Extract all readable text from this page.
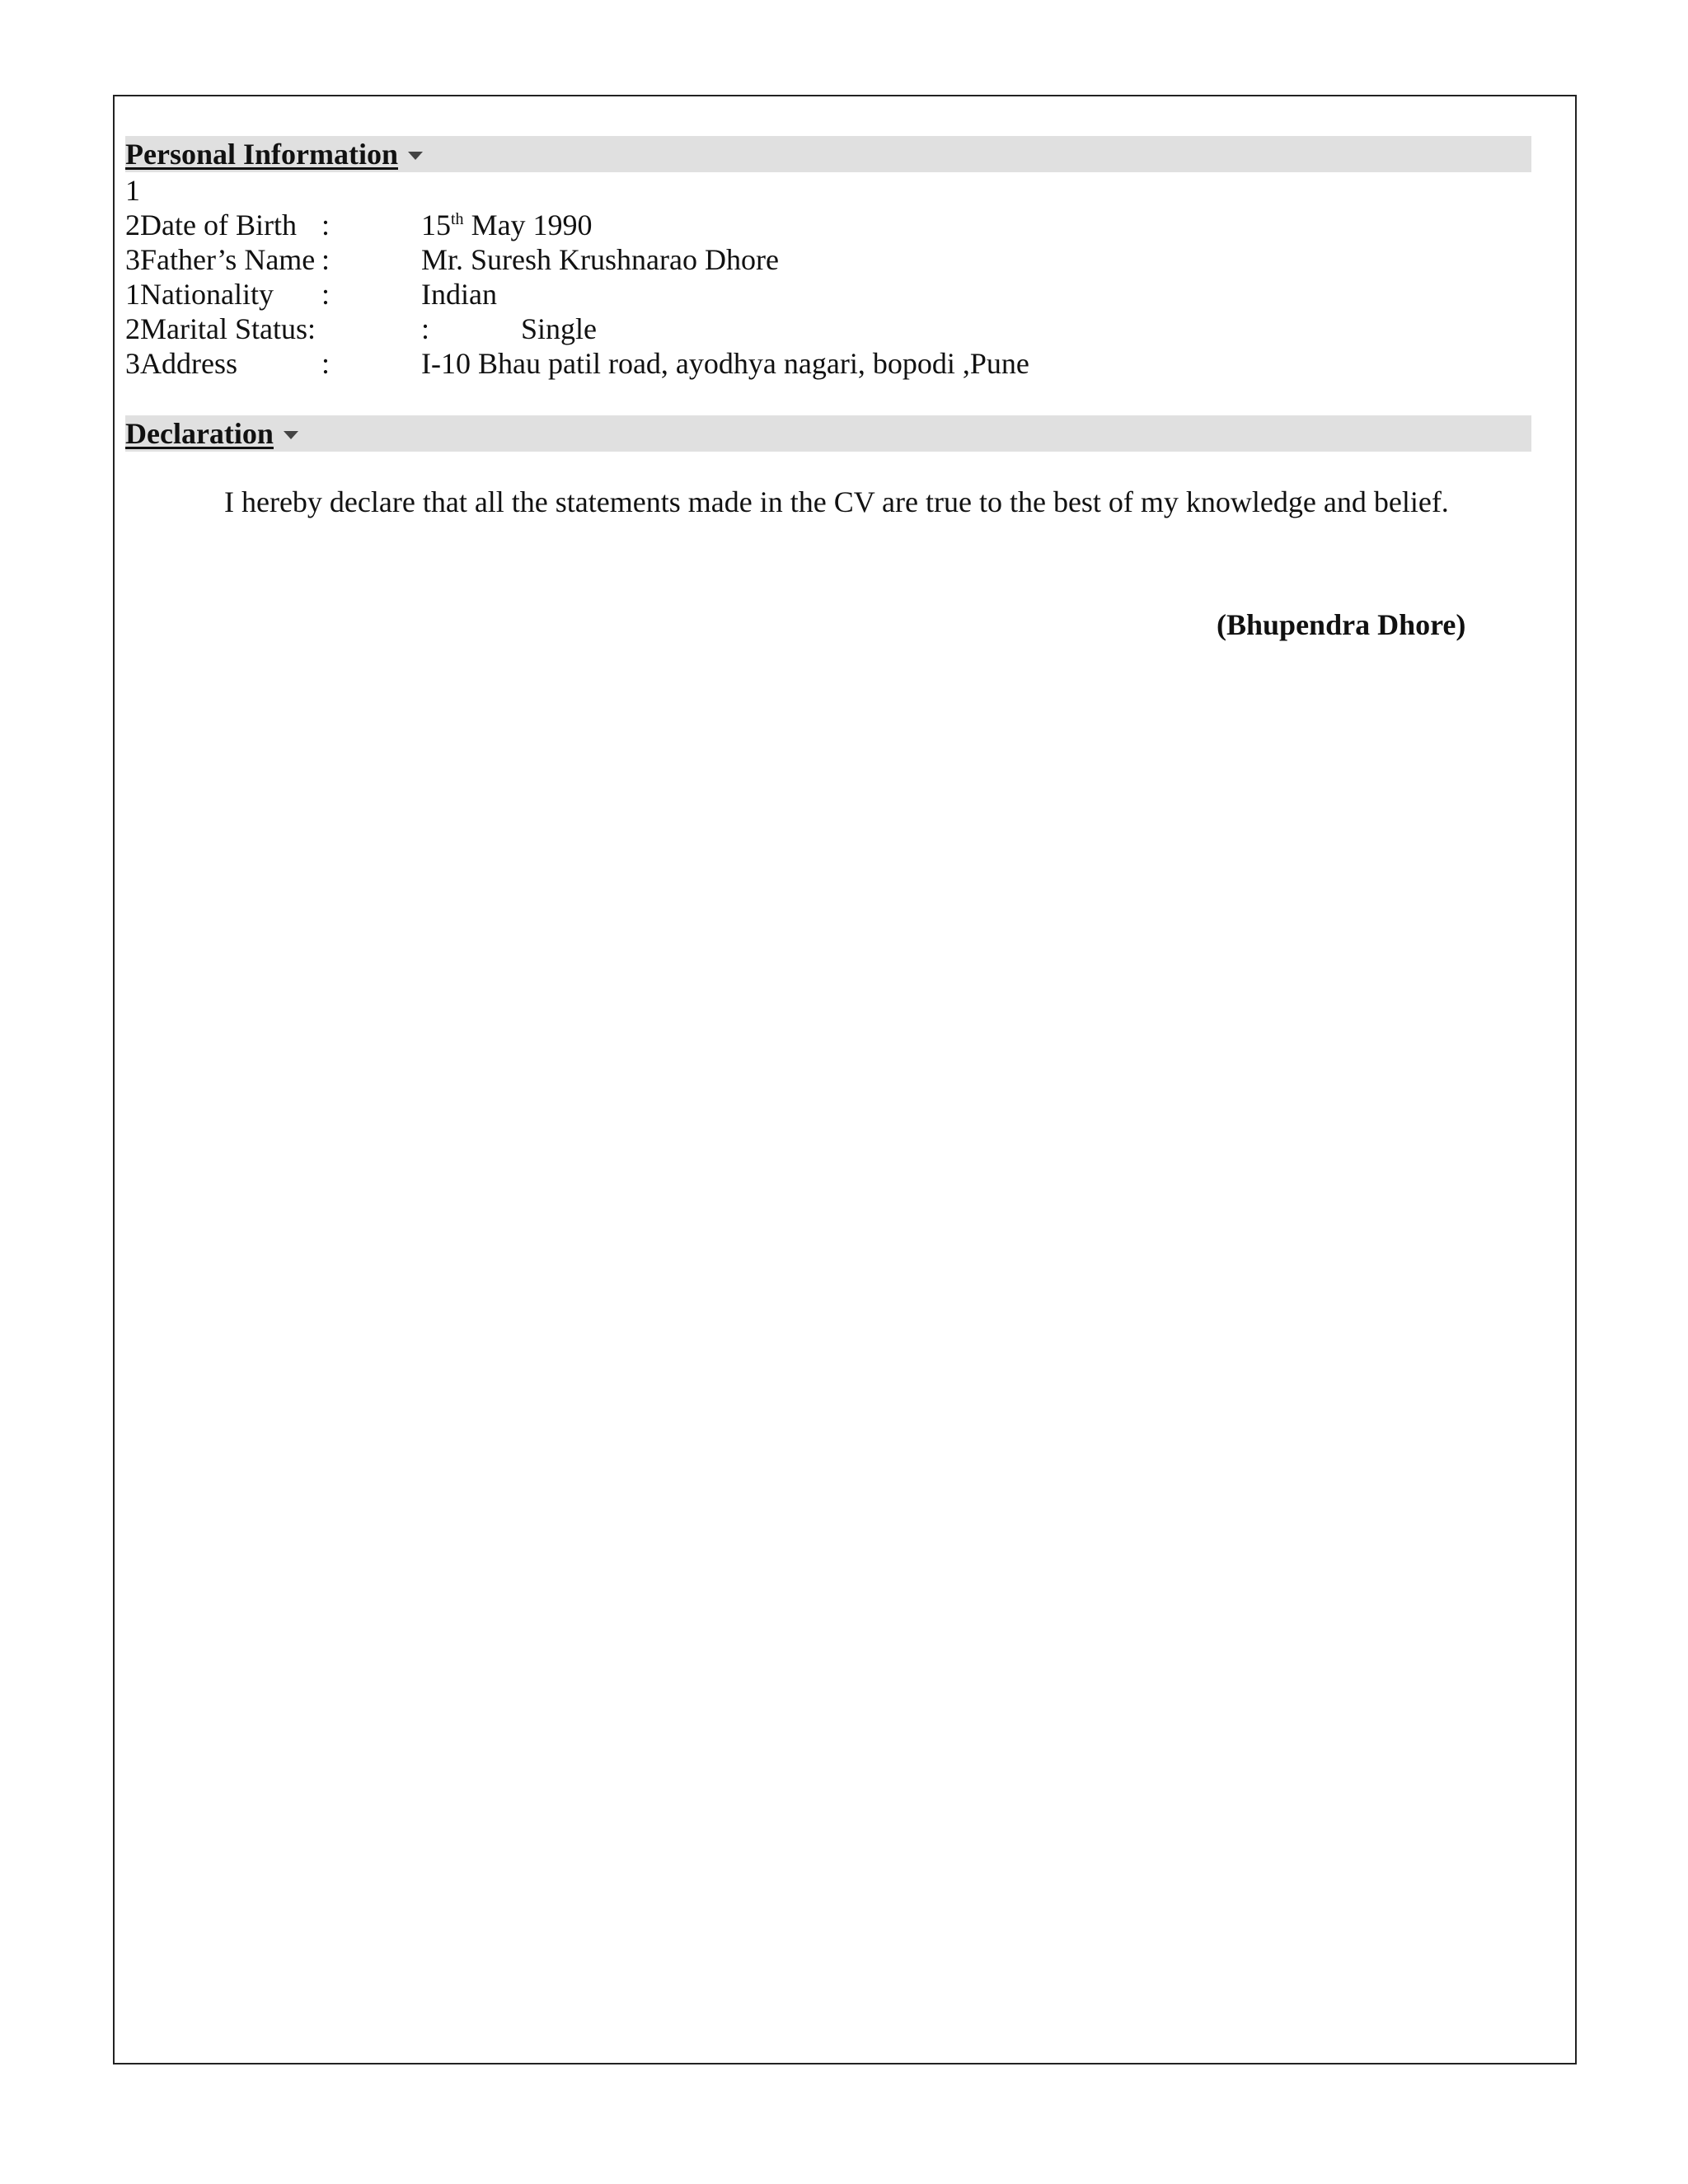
Personal Information
1
2Date of Birth :	15th May 1990
3Father’s Name :	Mr. Suresh Krushnarao Dhore
1Nationality :	Indian
2Marital Status:	:	Single
3Address	:	I-10 Bhau patil road, ayodhya nagari, bopodi ,Pune
Declaration
I hereby declare that all the statements made in the CV are true to the best of my knowledge and belief.
(Bhupendra Dhore)
